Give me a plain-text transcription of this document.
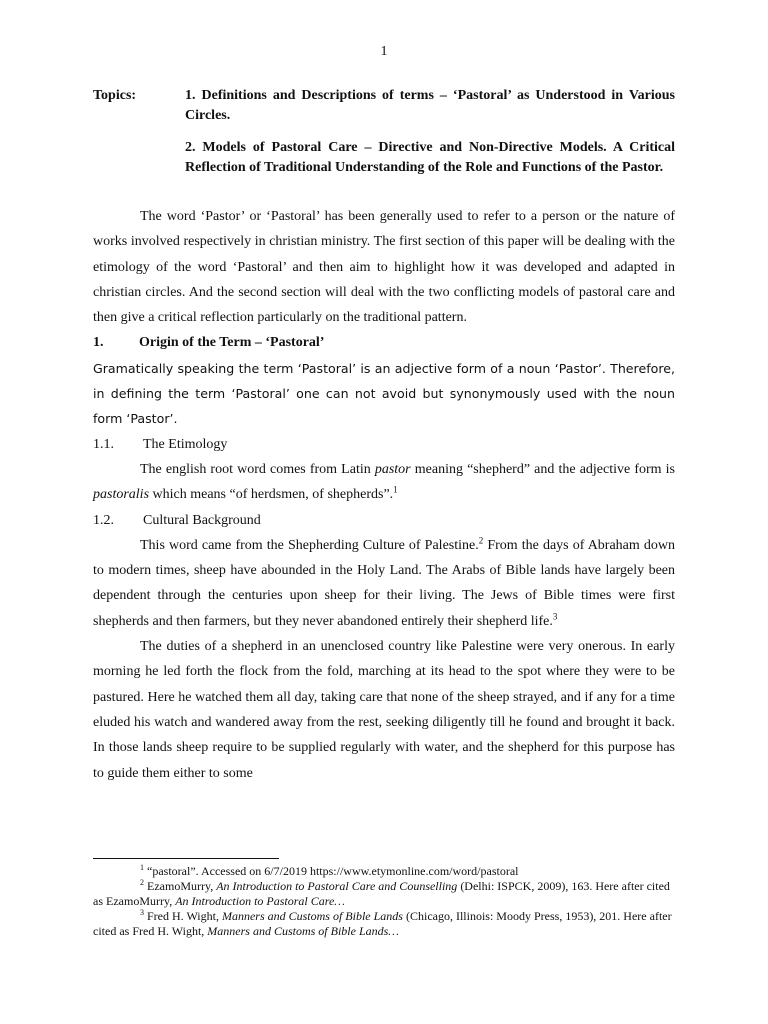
1
Topics:	1. Definitions and Descriptions of terms – ‘Pastoral’ as Understood in Various Circles.
2. Models of Pastoral Care – Directive and Non-Directive Models. A Critical Reflection of Traditional Understanding of the Role and Functions of the Pastor.

The word ‘Pastor’ or ‘Pastoral’ has been generally used to refer to a person or the nature of works involved respectively in christian ministry. The first section of this paper will be dealing with the etimology of the word ‘Pastoral’ and then aim to highlight how it was developed and adapted in christian circles. And the second section will deal with the two conflicting models of pastoral care and then give a critical reflection particularly on the traditional pattern.

1.	Origin of the Term – ‘Pastoral’

Gramatically speaking the term ‘Pastoral’ is an adjective form of a noun ‘Pastor’. Therefore, in defining the term ‘Pastoral’ one can not avoid but synonymously used with the noun form ‘Pastor’.

1.1. The Etimology

The english root word comes from Latin pastor meaning “shepherd” and the adjective form is pastoralis which means “of herdsmen, of shepherds”.$^1$

1.2. Cultural Background

This word came from the Shepherding Culture of Palestine.$^2$ From the days of Abraham down to modern times, sheep have abounded in the Holy Land. The Arabs of Bible lands have largely been dependent through the centuries upon sheep for their living. The Jews of Bible times were first shepherds and then farmers, but they never abandoned entirely their shepherd life.$^3$

The duties of a shepherd in an unenclosed country like Palestine were very onerous. In early morning he led forth the flock from the fold, marching at its head to the spot where they were to be pastured. Here he watched them all day, taking care that none of the sheep strayed, and if any for a time eluded his watch and wandered away from the rest, seeking diligently till he found and brought it back. In those lands sheep require to be supplied regularly with water, and the shepherd for this purpose has to guide them either to some

$^1$ “pastoral”. Accessed on 6/7/2019 https://www.etymonline.com/word/pastoral

$^2$ EzamoMurry, An Introduction to Pastoral Care and Counselling (Delhi: ISPCK, 2009), 163. Here after cited as EzamoMurry, An Introduction to Pastoral Care…

$^3$ Fred H. Wight, Manners and Customs of Bible Lands (Chicago, Illinois: Moody Press, 1953), 201. Here after cited as Fred H. Wight, Manners and Customs of Bible Lands…
